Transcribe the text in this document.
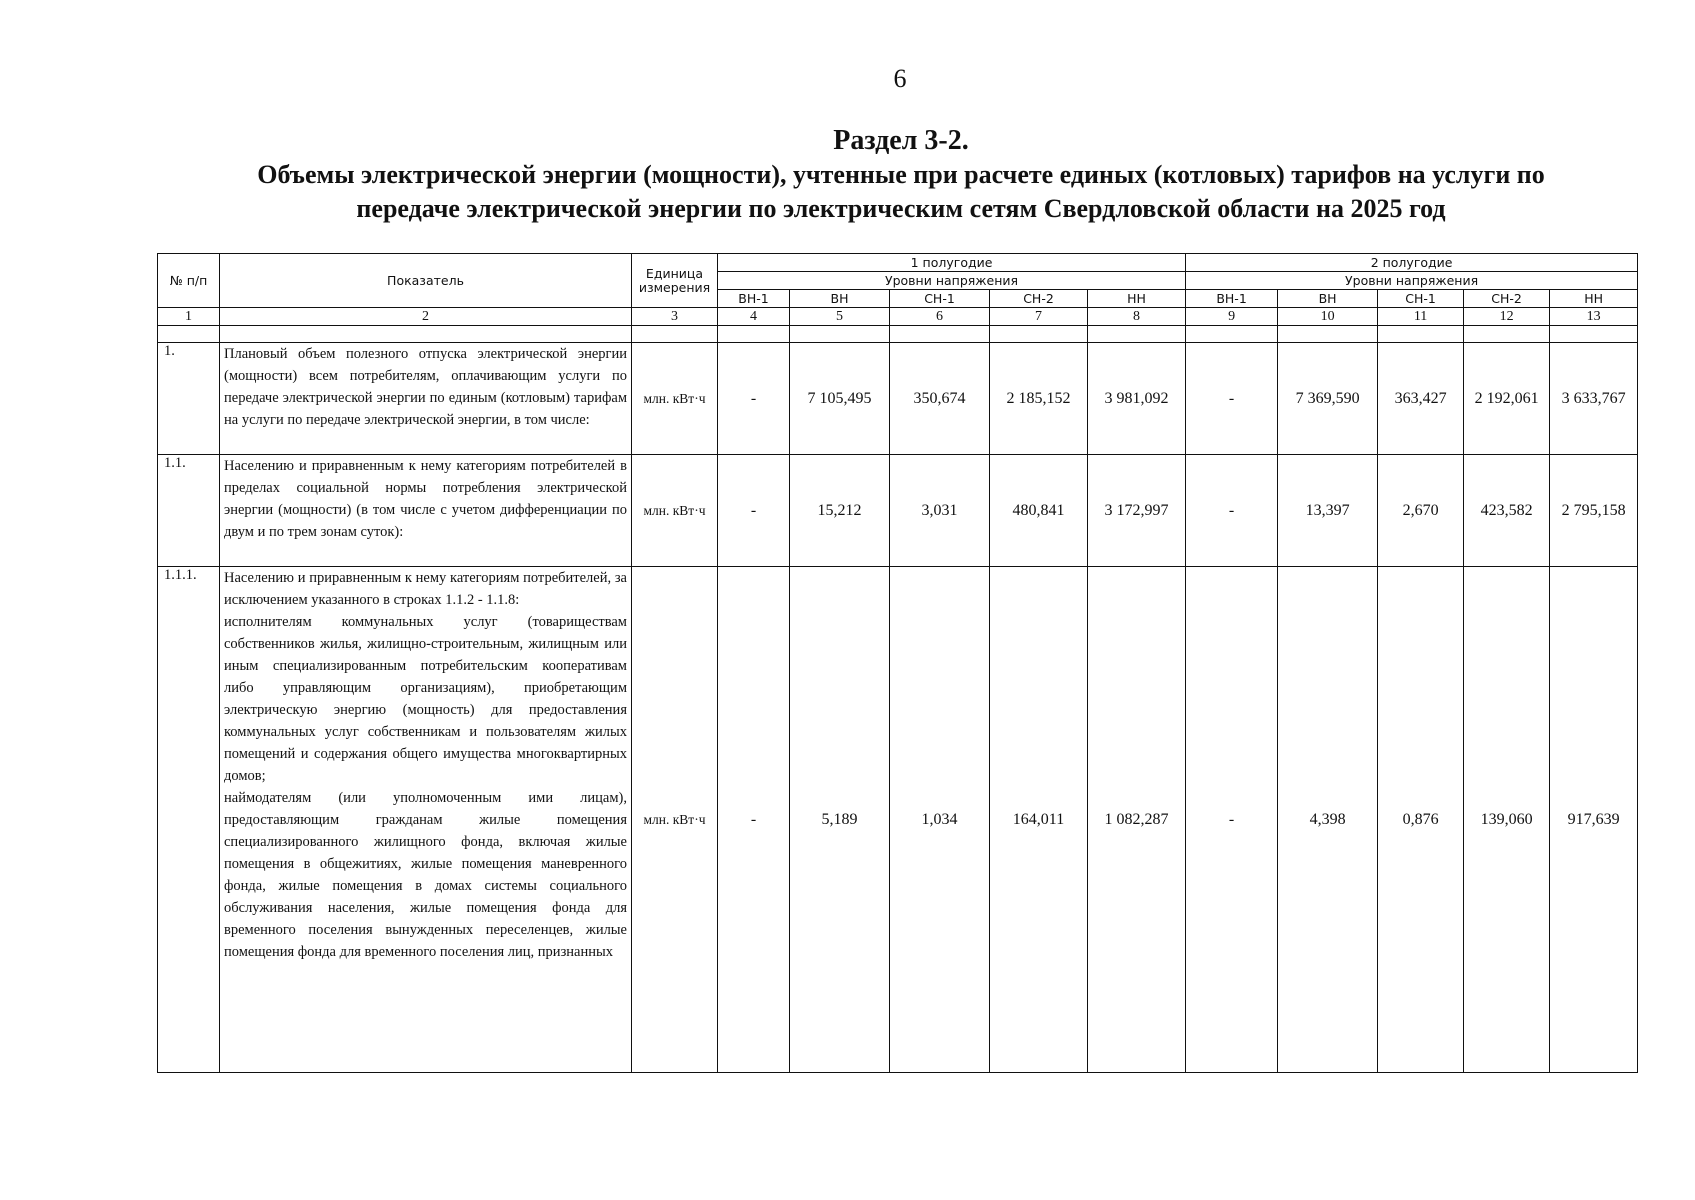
6
Раздел 3-2.
Объемы электрической энергии (мощности), учтенные при расчете единых (котловых) тарифов на услуги по
передаче электрической энергии по электрическим сетям Свердловской области на 2025 год
№ п/п	Показатель	Единица измерения	1 полугодие					2 полугодие				
			Уровни напряжения					Уровни напряжения				
			ВН-1	ВН	СН-1	СН-2	НН	ВН-1	ВН	СН-1	СН-2	НН
1	2	3	4	5	6	7	8	9	10	11	12	13

1.	Плановый объем полезного отпуска электрической энергии (мощности) всем потребителям, оплачивающим услуги по передаче электрической энергии по единым (котловым) тарифам на услуги по передаче электрической энергии, в том числе:	млн. кВт·ч	-	7 105,495	350,674	2 185,152	3 981,092	-	7 369,590	363,427	2 192,061	3 633,767
1.1.	Населению и приравненным к нему категориям потребителей в пределах социальной нормы потребления электрической энергии (мощности) (в том числе с учетом дифференциации по двум и по трем зонам суток):	млн. кВт·ч	-	15,212	3,031	480,841	3 172,997	-	13,397	2,670	423,582	2 795,158
1.1.1.	Населению и приравненным к нему категориям потребителей, за исключением указанного в строках 1.1.2 - 1.1.8:
исполнителям коммунальных услуг (товариществам собственников жилья, жилищно-строительным, жилищным или иным специализированным потребительским кооперативам либо управляющим организациям), приобретающим электрическую энергию (мощность) для предоставления коммунальных услуг собственникам и пользователям жилых помещений и содержания общего имущества многоквартирных домов;
наймодателям (или уполномоченным ими лицам), предоставляющим гражданам жилые помещения специализированного жилищного фонда, включая жилые помещения в общежитиях, жилые помещения маневренного фонда, жилые помещения в домах системы социального обслуживания населения, жилые помещения фонда для временного поселения вынужденных переселенцев, жилые помещения фонда для временного поселения лиц, признанных	млн. кВт·ч	-	5,189	1,034	164,011	1 082,287	-	4,398	0,876	139,060	917,639
